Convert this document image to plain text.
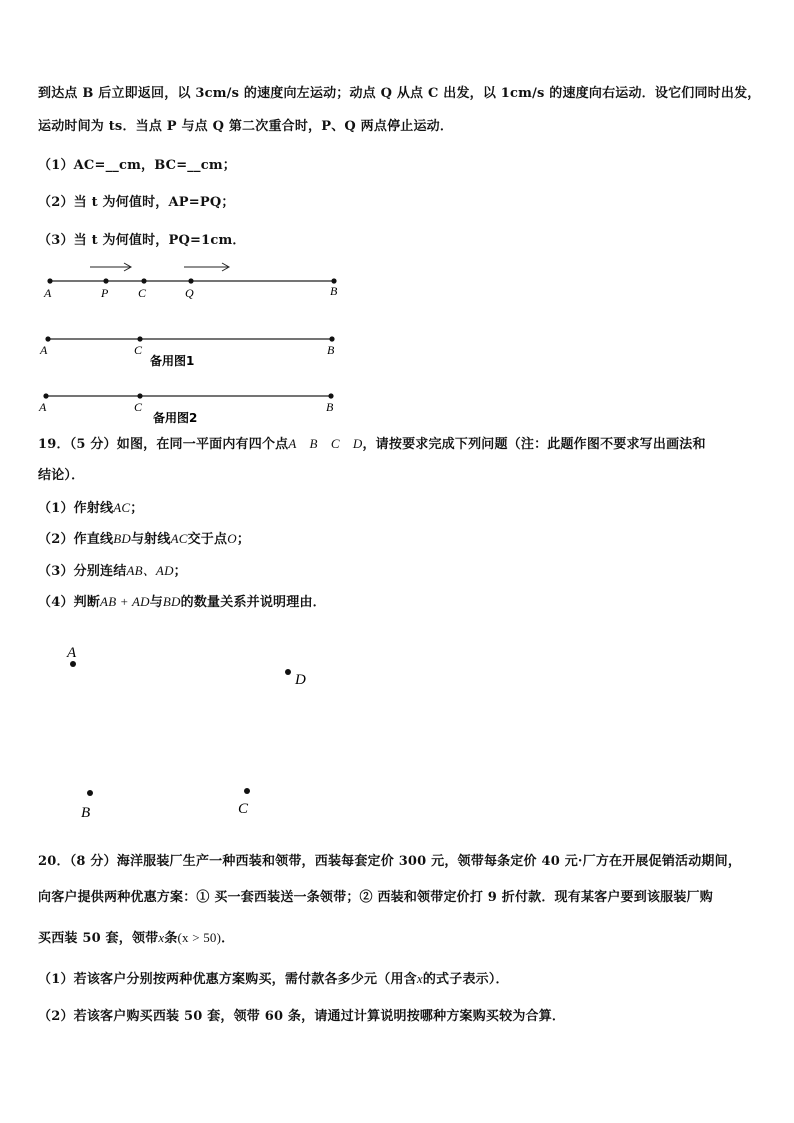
到达点 B 后立即返回，以 3cm/s 的速度向左运动；动点 Q 从点 C 出发，以 1cm/s 的速度向右运动．设它们同时出发，
运动时间为 ts．当点 P 与点 Q 第二次重合时，P、Q 两点停止运动．
（1）AC=__cm，BC=__cm；
（2）当 t 为何值时，AP=PQ；
（3）当 t 为何值时，PQ=1cm．
A	P C	Q	B
A	C	B
备用图1
A	C	B
备用图2
19．（5 分）如图，在同一平面内有四个点A　B　C　D，请按要求完成下列问题（注：此题作图不要求写出画法和
结论）．
（1）作射线AC；
（2）作直线BD与射线AC交于点O；
（3）分别连结AB、AD；
（4）判断AB + AD与BD的数量关系并说明理由．
A
D
B	C
20．（8 分）海洋服装厂生产一种西装和领带，西装每套定价 300 元，领带每条定价 40 元·厂方在开展促销活动期间，
向客户提供两种优惠方案：① 买一套西装送一条领带；② 西装和领带定价打 9 折付款．现有某客户要到该服装厂购
买西装 50 套，领带x条(x > 50)．
（1）若该客户分别按两种优惠方案购买，需付款各多少元（用含x的式子表示）．
（2）若该客户购买西装 50 套，领带 60 条，请通过计算说明按哪种方案购买较为合算．
